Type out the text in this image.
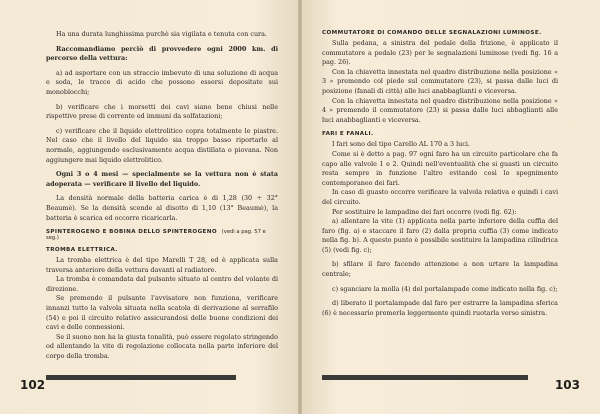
Ha una durata lunghissima purchè sia vigilata e tenuta con cura.

Raccomandiamo perciò di provvedere ogni 2000 km. di percorso della vettura:

a) ad asportare con un straccio imbevuto di una soluzione di acqua e soda, le tracce di acido che possono essersi depositate sui monoblocchi;

b) verificare che i morsetti dei cavi siano bene chiusi nelle rispettive prese di corrente ed immuni da solfatazioni;

c) verificare che il liquido elettrolitico copra totalmente le piastre. Nel caso che il livello del liquido sia troppo basso riportarlo al normale, aggiungendo esclusivamente acqua distillata o piovana. Non aggiungere mai liquido elettrolitico.

Ogni 3 o 4 mesi — specialmente se la vettura non è stata adoperata — verificare il livello del liquido.

La densità normale della batteria carica è di 1,28 (30 ÷ 32° Beaumè). Se la densità scende al disotto di 1,10 (13° Beaumè), la batteria è scarica ed occorre ricaricarla.

SPINTEROGENO E BOBINA DELLO SPINTEROGENO (vedi a pag. 57 e seg.)
TROMBA ELETTRICA.

La tromba elettrica è del tipo Marelli T 28, ed è applicata sulla traversa anteriore della vettura davanti al radiatore.

La tromba è comandata dal pulsante situato al centro del volante di direzione.

Se premendo il pulsante l'avvisatore non funziona, verificare innanzi tutto la valvola situata nella scatola di derivazione al serrafilo (54) e poi il circuito relativo assicurandosi delle buone condizioni dei cavi e delle connessioni.

Se il suono non ha la giusta tonalità, può essere regolato stringendo od allentando la vite di regolazione collocata nella parte inferiore del corpo della tromba.

102
COMMUTATORE DI COMANDO DELLE SEGNALAZIONI LUMINOSE.

Sulla pedana, a sinistra del pedale della frizione, è applicato il commutatore a pedale (23) per le segnalazioni luminose (vedi fig. 16 a pag. 26).

Con la chiavetta innestata nel quadro distribuzione nella posizione « 3 » premendo col piede sul commutatore (23), si passa dalle luci di posizione (fanali di città) alle luci anabbaglianti e viceversa.

Con la chiavetta innestata nel quadro distribuzione nella posizione « 4 » premendo il commutatore (23) si passa dalle luci abbaglianti alle luci anabbaglianti e viceversa.

FARI E FANALI.

I fari sono del tipo Carello AL 170 a 3 luci.

Come si è detto a pag. 97 ogni faro ha un circuito particolare che fa capo alle valvole 1 e 2. Quindi nell'eventualità che si guasti un circuito resta sempre in funzione l'altro evitando così lo spegnimento contemporaneo dei fari.

In caso di guasto occorre verificare la valvola relativa e quindi i cavi del circuito.

Per sostituire le lampadine dei fari occorre (vedi fig. 62):

a) allentare la vite (1) applicata nella parte inferiore della cuffia del faro (fig. a) e staccare il faro (2) dalla propria cuffia (3) come indicato nella fig. b). A questo punto è possibile sostituire la lampadina cilindrica (5) (vedi fig. c);

b) sfilare il faro facendo attenzione a non urtare la lampadina centrale;

c) sganciare la molla (4) del portalampade come indicato nella fig. c);

d) liberato il portalampade dal faro per estrarre la lampadina sferica (6) è necessario premerla leggermente quindi ruotarla verso sinistra.

103
